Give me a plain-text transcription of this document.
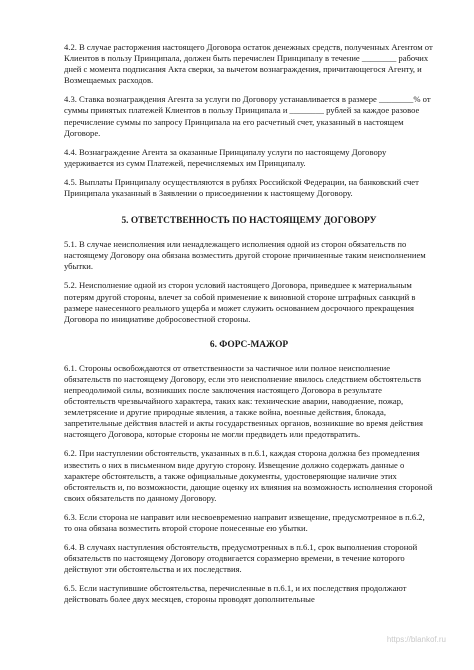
4.2. В случае расторжения настоящего Договора остаток денежных средств, полученных Агентом от Клиентов в пользу Принципала, должен быть перечислен Принципалу в течение ________ рабочих дней с момента подписания Акта сверки, за вычетом вознаграждения, причитающегося Агенту, и Возмещаемых расходов.

4.3. Ставка вознаграждения Агента за услуги по Договору устанавливается в размере ________% от суммы принятых платежей Клиентов в пользу Принципала и ________ рублей за каждое разовое перечисление суммы по запросу Принципала на его расчетный счет, указанный в настоящем Договоре.

4.4. Вознаграждение Агента за оказанные Принципалу услуги по настоящему Договору удерживается из сумм Платежей, перечисляемых им Принципалу.

4.5. Выплаты Принципалу осуществляются в рублях Российской Федерации, на банковский счет Принципала указанный в Заявлении о присоединении к настоящему Договору.

5. ОТВЕТСТВЕННОСТЬ ПО НАСТОЯЩЕМУ ДОГОВОРУ

5.1. В случае неисполнения или ненадлежащего исполнения одной из сторон обязательств по настоящему Договору она обязана возместить другой стороне причиненные таким неисполнением убытки.

5.2. Неисполнение одной из сторон условий настоящего Договора, приведшее к материальным потерям другой стороны, влечет за собой применение к виновной стороне штрафных санкций в размере нанесенного реального ущерба и может служить основанием досрочного прекращения Договора по инициативе добросовестной стороны.

6. ФОРС-МАЖОР

6.1. Стороны освобождаются от ответственности за частичное или полное неисполнение обязательств по настоящему Договору, если это неисполнение явилось следствием обстоятельств непреодолимой силы, возникших после заключения настоящего Договора в результате обстоятельств чрезвычайного характера, таких как: технические аварии, наводнение, пожар, землетрясение и другие природные явления, а также война, военные действия, блокада, запретительные действия властей и акты государственных органов, возникшие во время действия настоящего Договора, которые стороны не могли предвидеть или предотвратить.

6.2. При наступлении обстоятельств, указанных в п.6.1, каждая сторона должна без промедления известить о них в письменном виде другую сторону. Извещение должно содержать данные о характере обстоятельств, а также официальные документы, удостоверяющие наличие этих обстоятельств и, по возможности, дающие оценку их влияния на возможность исполнения стороной своих обязательств по данному Договору.

6.3. Если сторона не направит или несвоевременно направит извещение, предусмотренное в п.6.2, то она обязана возместить второй стороне понесенные ею убытки.

6.4. В случаях наступления обстоятельств, предусмотренных в п.6.1, срок выполнения стороной обязательств по настоящему Договору отодвигается соразмерно времени, в течение которого действуют эти обстоятельства и их последствия.

6.5. Если наступившие обстоятельства, перечисленные в п.6.1, и их последствия продолжают действовать более двух месяцев, стороны проводят дополнительные

https://blankof.ru
